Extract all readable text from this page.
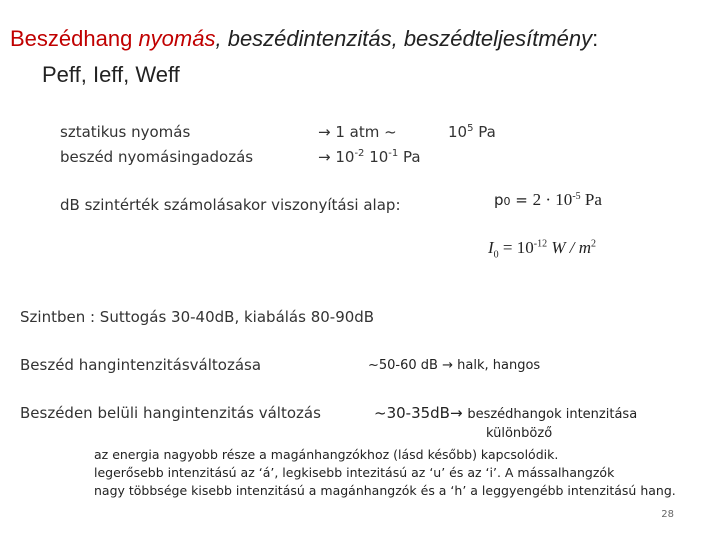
Beszédhang nyomás, beszédintenzitás, beszédteljesítmény:
Peff, Ieff, Weff
sztatikus nyomás	→ 1 atm ~	$10^5$ Pa
beszéd nyomásingadozás	→ $10^{-2}$ $10^{-1}$ Pa
dB szintérték számolásakor viszonyítási alap:	$p0 = 2 \cdot 10^{-5}$ Pa
$I_0 = 10^{-12}$ W / $m^2$
Szintben : Suttogás 30-40dB, kiabálás 80-90dB
Beszéd hangintenzitásváltozása	~50-60 dB → halk, hangos
Beszéden belüli hangintenzitás változás	~30-35dB→ beszédhangok intenzitása
különböző
az energia nagyobb része a magánhangzókhoz (lásd később) kapcsolódik.
legerősebb intenzitású az ‘á’, legkisebb intezitású az ‘u’ és az ‘i’. A mássalhangzók
nagy többsége kisebb intenzitású a magánhangzók és a ‘h’ a leggyengébb intenzitású hang.
28
